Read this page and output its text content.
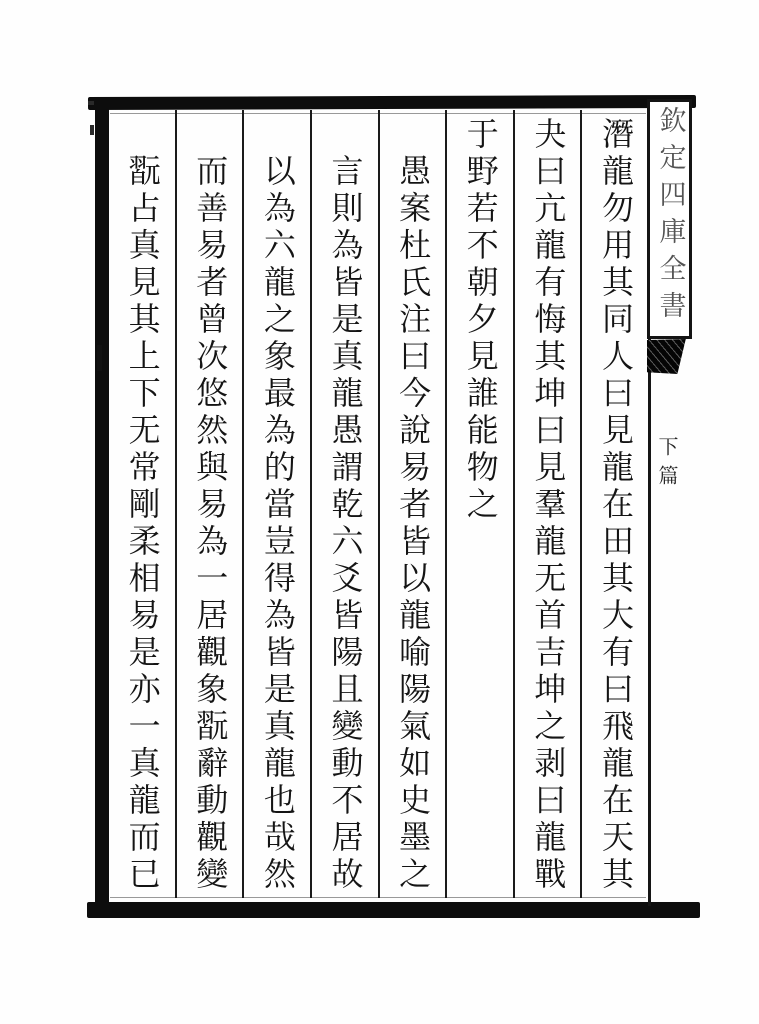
潛龍勿用其同人曰見龍在田其大有曰飛龍在天其
夬曰亢龍有悔其坤曰見羣龍无首吉坤之剥曰龍戰
于野若不朝夕見誰能物之
愚案杜氏注曰今說易者皆以龍喻陽氣如史墨之
言則為皆是真龍愚謂乾六爻皆陽且變動不居故
以為六龍之象最為的當豈得為皆是真龍也哉然
而善易者曾次悠然與易為一居觀象翫辭動觀變
翫占真見其上下无常剛柔相易是亦一真龍而已	欽定四庫全書
下篇
